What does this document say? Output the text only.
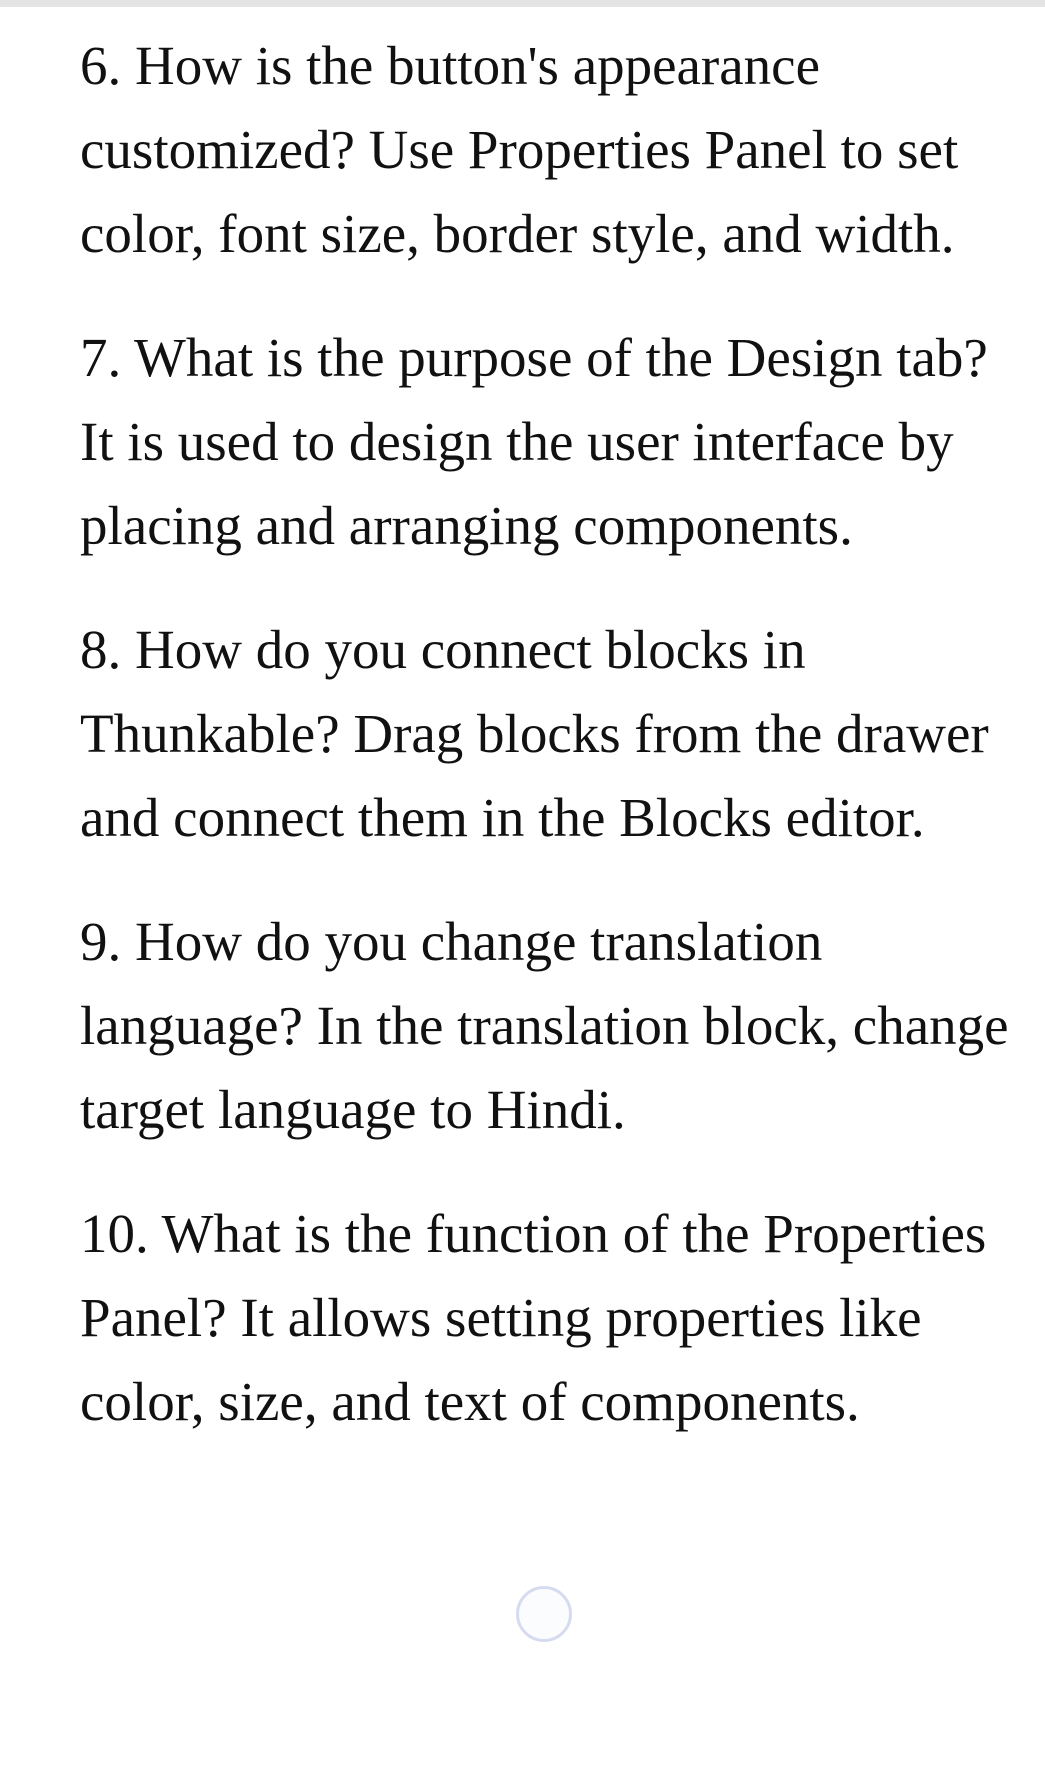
6. How is the button's appearance customized? Use Properties Panel to set color, font size, border style, and width.

7. What is the purpose of the Design tab? It is used to design the user interface by placing and arranging components.

8. How do you connect blocks in Thunkable? Drag blocks from the drawer and connect them in the Blocks editor.

9. How do you change translation language? In the translation block, change target language to Hindi.

10. What is the function of the Properties Panel? It allows setting properties like color, size, and text of components.
